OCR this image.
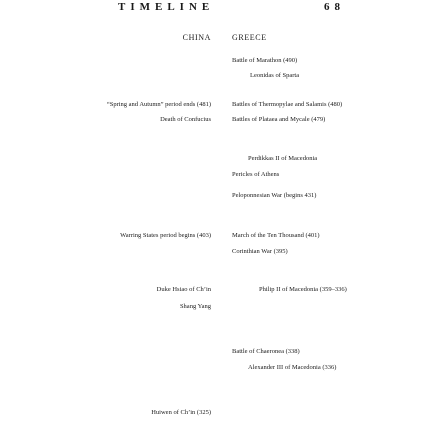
TIMELINE	68
CHINA	GREECE
“Spring and Autumn” period ends (481)
Death of Confucius
Warring States period begins (403)
Duke Hsiao of Ch’in
Shang Yang
Huiwen of Ch’in (325)
Battle of Marathon (490)
Leonidas of Sparta
Battles of Thermopylae and Salamis (480)
Battles of Plataea and Mycale (479)
Perdikkas II of Macedonia
Pericles of Athens
Peloponnesian War (begins 431)
March of the Ten Thousand (401)
Corinthian War (395)
Philip II of Macedonia (359–336)
Battle of Chaeronea (338)
Alexander III of Macedonia (336)
